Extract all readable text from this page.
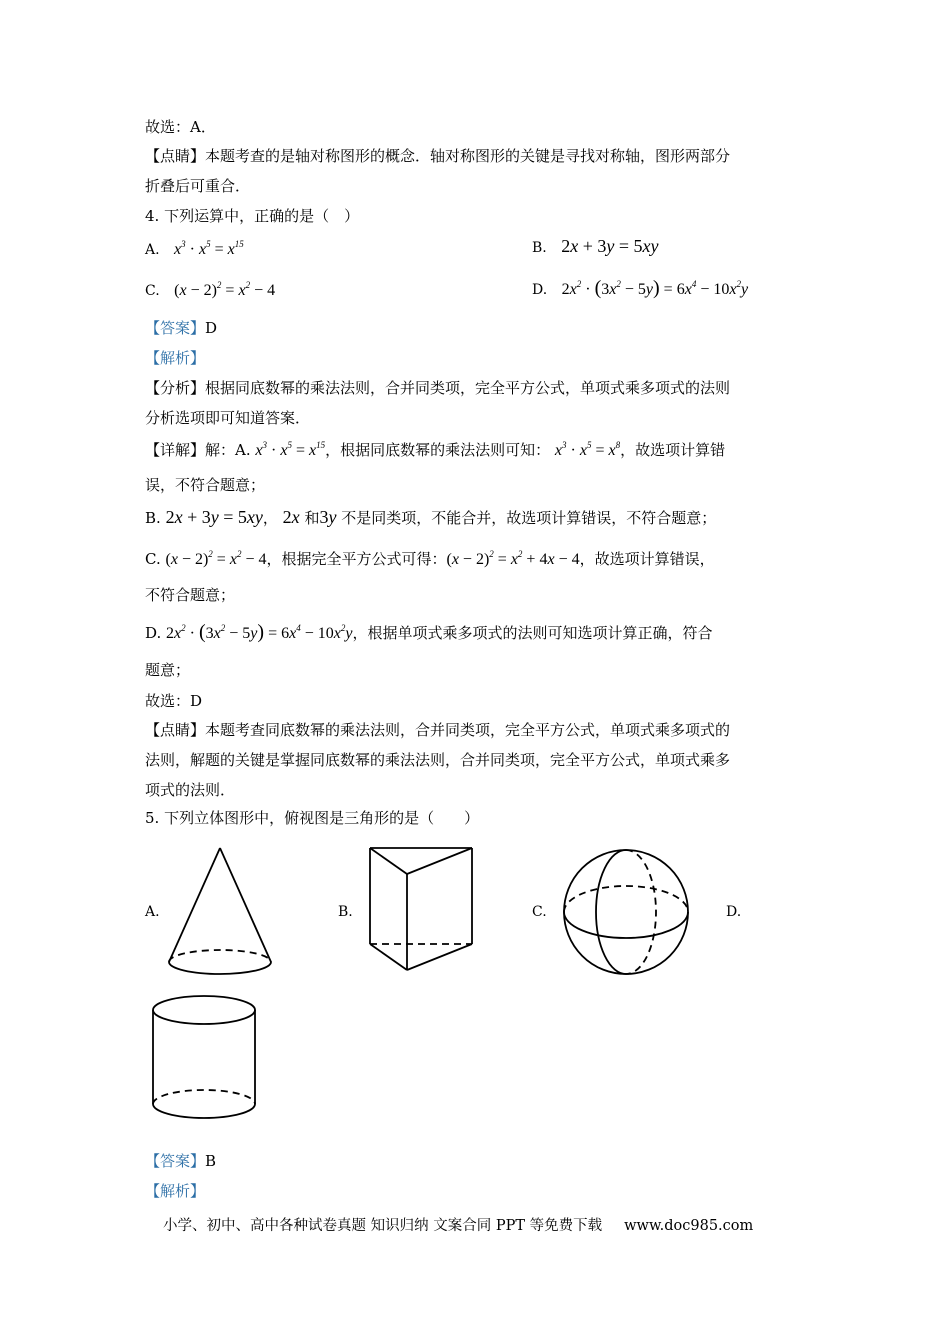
故选：A．
【点睛】本题考查的是轴对称图形的概念．轴对称图形的关键是寻找对称轴，图形两部分
折叠后可重合．
4. 下列运算中，正确的是（　）
A. $x^3 \cdot x^5 = x^{15}$	B. 2x + 3y = 5xy
C. $(x - 2)^2 = x^2 - 4$	D. $2x^2 \cdot (3x^2 - 5y) = 6x^4 - 10x^2y$
【答案】D
【解析】
【分析】根据同底数幂的乘法法则，合并同类项，完全平方公式，单项式乘多项式的法则
分析选项即可知道答案．
【详解】解：A. $x^3 \cdot x^5 = x^{15}$，根据同底数幂的乘法法则可知： $x^3 \cdot x^5 = x^8$，故选项计算错
误，不符合题意；
B. 2x + 3y = 5xy， 2x 和3y 不是同类项，不能合并，故选项计算错误，不符合题意；
C. $(x - 2)^2 = x^2 - 4$，根据完全平方公式可得：$(x - 2)^2 = x^2 + 4x - 4$，故选项计算错误，
不符合题意；
D. $2x^2 \cdot (3x^2 - 5y) = 6x^4 - 10x^2y$，根据单项式乘多项式的法则可知选项计算正确，符合
题意；
故选：D
【点睛】本题考查同底数幂的乘法法则，合并同类项，完全平方公式，单项式乘多项式的
法则，解题的关键是掌握同底数幂的乘法法则，合并同类项，完全平方公式，单项式乘多
项式的法则．
5. 下列立体图形中，俯视图是三角形的是（　　）
A.	B.	C.	D.
【答案】B
【解析】
小学、初中、高中各种试卷真题 知识归纳 文案合同 PPT 等免费下载 www.doc985.com
